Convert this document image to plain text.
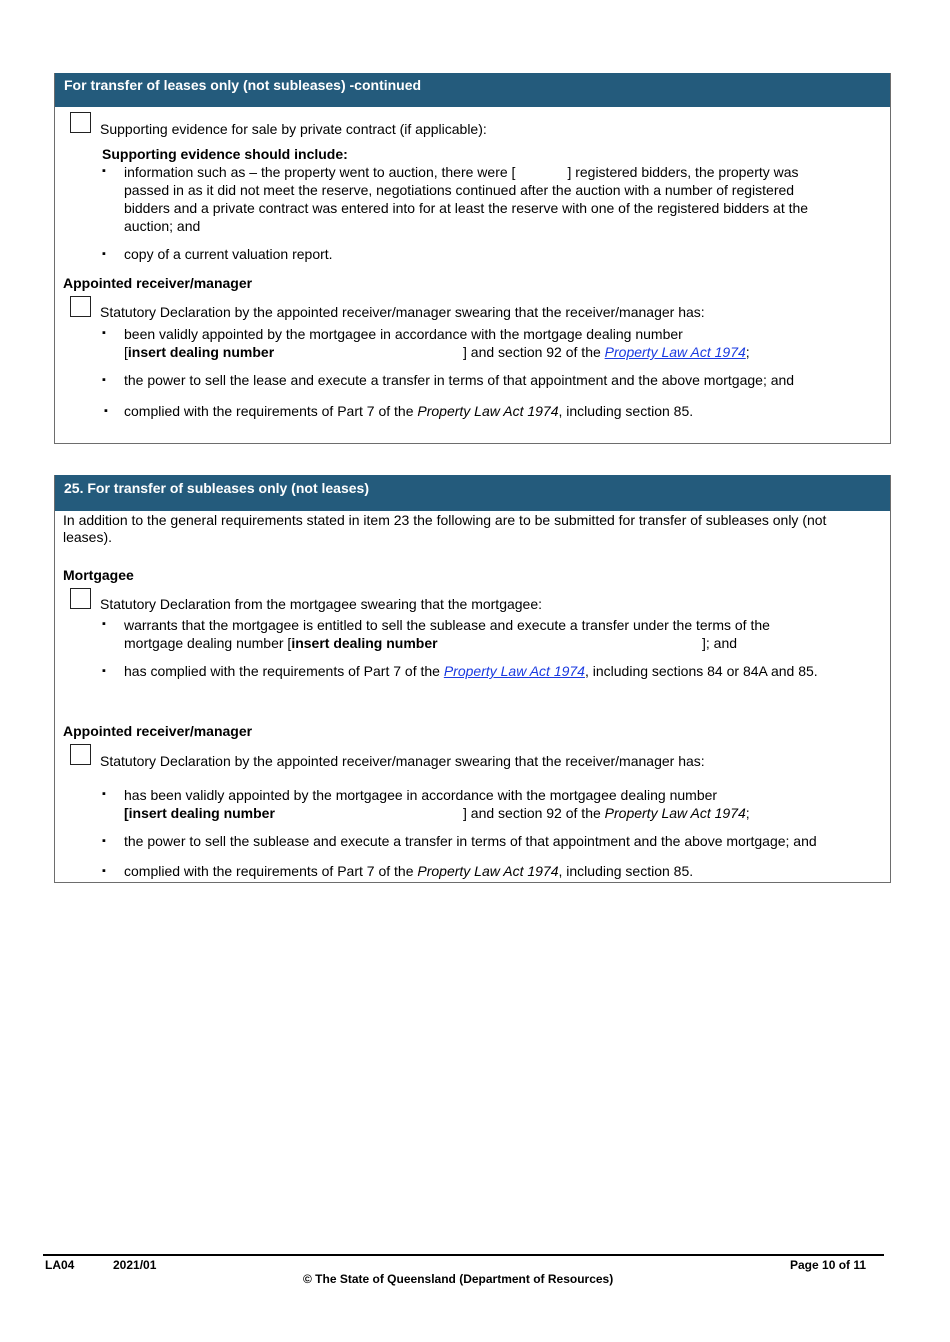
For transfer of leases only (not subleases) -continued
Supporting evidence for sale by private contract (if applicable):
Supporting evidence should include:
▪ information such as – the property went to auction, there were [	] registered bidders, the property was
passed in as it did not meet the reserve, negotiations continued after the auction with a number of registered
bidders and a private contract was entered into for at least the reserve with one of the registered bidders at the
auction; and
▪ copy of a current valuation report.
Appointed receiver/manager
Statutory Declaration by the appointed receiver/manager swearing that the receiver/manager has:
▪ been validly appointed by the mortgagee in accordance with the mortgage dealing number
[insert dealing number	] and section 92 of the Property Law Act 1974;
▪ the power to sell the lease and execute a transfer in terms of that appointment and the above mortgage; and
▪ complied with the requirements of Part 7 of the Property Law Act 1974, including section 85.
25. For transfer of subleases only (not leases)
In addition to the general requirements stated in item 23 the following are to be submitted for transfer of subleases only (not
leases).
Mortgagee
Statutory Declaration from the mortgagee swearing that the mortgagee:
▪ warrants that the mortgagee is entitled to sell the sublease and execute a transfer under the terms of the
mortgage dealing number [insert dealing number	]; and
▪ has complied with the requirements of Part 7 of the Property Law Act 1974, including sections 84 or 84A and 85.
Appointed receiver/manager
Statutory Declaration by the appointed receiver/manager swearing that the receiver/manager has:
▪ has been validly appointed by the mortgagee in accordance with the mortgagee dealing number
[insert dealing number	] and section 92 of the Property Law Act 1974;
▪ the power to sell the sublease and execute a transfer in terms of that appointment and the above mortgage; and
▪ complied with the requirements of Part 7 of the Property Law Act 1974, including section 85.
LA04	2021/01
© The State of Queensland (Department of Resources)
Page 10 of 11
